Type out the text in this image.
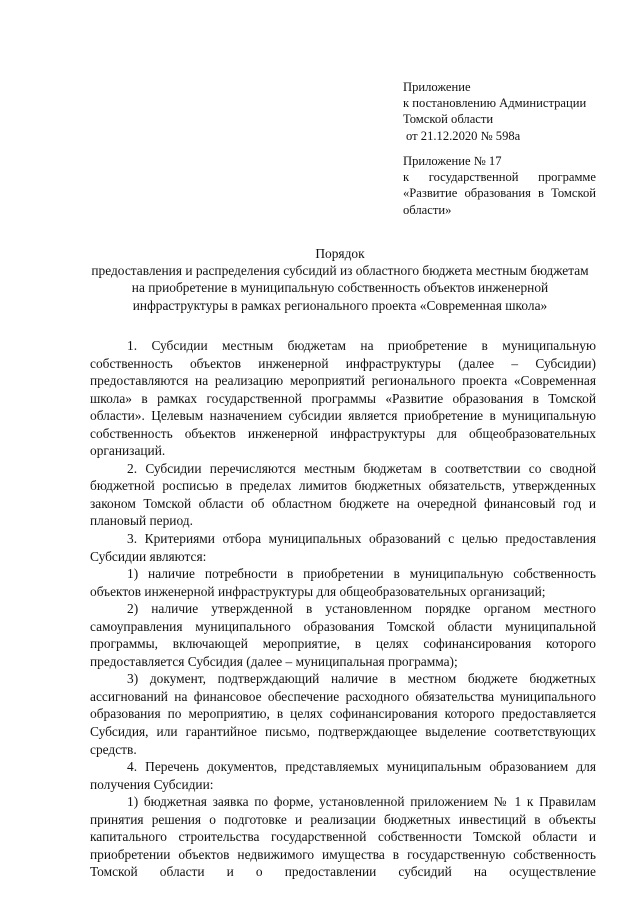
Приложение

к постановлению Администрации

Томской области

от 21.12.2020 № 598а

Приложение № 17

к государственной программе «Развитие образования в Томской области»

Порядок

предоставления и распределения субсидий из областного бюджета местным бюджетам на приобретение в муниципальную собственность объектов инженерной инфраструктуры в рамках регионального проекта «Современная школа»

1. Субсидии местным бюджетам на приобретение в муниципальную собственность объектов инженерной инфраструктуры (далее – Субсидии) предоставляются на реализацию мероприятий регионального проекта «Современная школа» в рамках государственной программы «Развитие образования в Томской области». Целевым назначением субсидии является приобретение в муниципальную собственность объектов инженерной инфраструктуры для общеобразовательных организаций.

2. Субсидии перечисляются местным бюджетам в соответствии со сводной бюджетной росписью в пределах лимитов бюджетных обязательств, утвержденных законом Томской области об областном бюджете на очередной финансовый год и плановый период.

3. Критериями отбора муниципальных образований с целью предоставления Субсидии являются:

1) наличие потребности в приобретении в муниципальную собственность объектов инженерной инфраструктуры для общеобразовательных организаций;

2) наличие утвержденной в установленном порядке органом местного самоуправления муниципального образования Томской области муниципальной программы, включающей мероприятие, в целях софинансирования которого предоставляется Субсидия (далее – муниципальная программа);

3) документ, подтверждающий наличие в местном бюджете бюджетных ассигнований на финансовое обеспечение расходного обязательства муниципального образования по мероприятию, в целях софинансирования которого предоставляется Субсидия, или гарантийное письмо, подтверждающее выделение соответствующих средств.

4. Перечень документов, представляемых муниципальным образованием для получения Субсидии:

1) бюджетная заявка по форме, установленной приложением № 1 к Правилам принятия решения о подготовке и реализации бюджетных инвестиций в объекты капитального строительства государственной собственности Томской области и приобретении объектов недвижимого имущества в государственную собственность Томской области и о предоставлении субсидий на осуществление
